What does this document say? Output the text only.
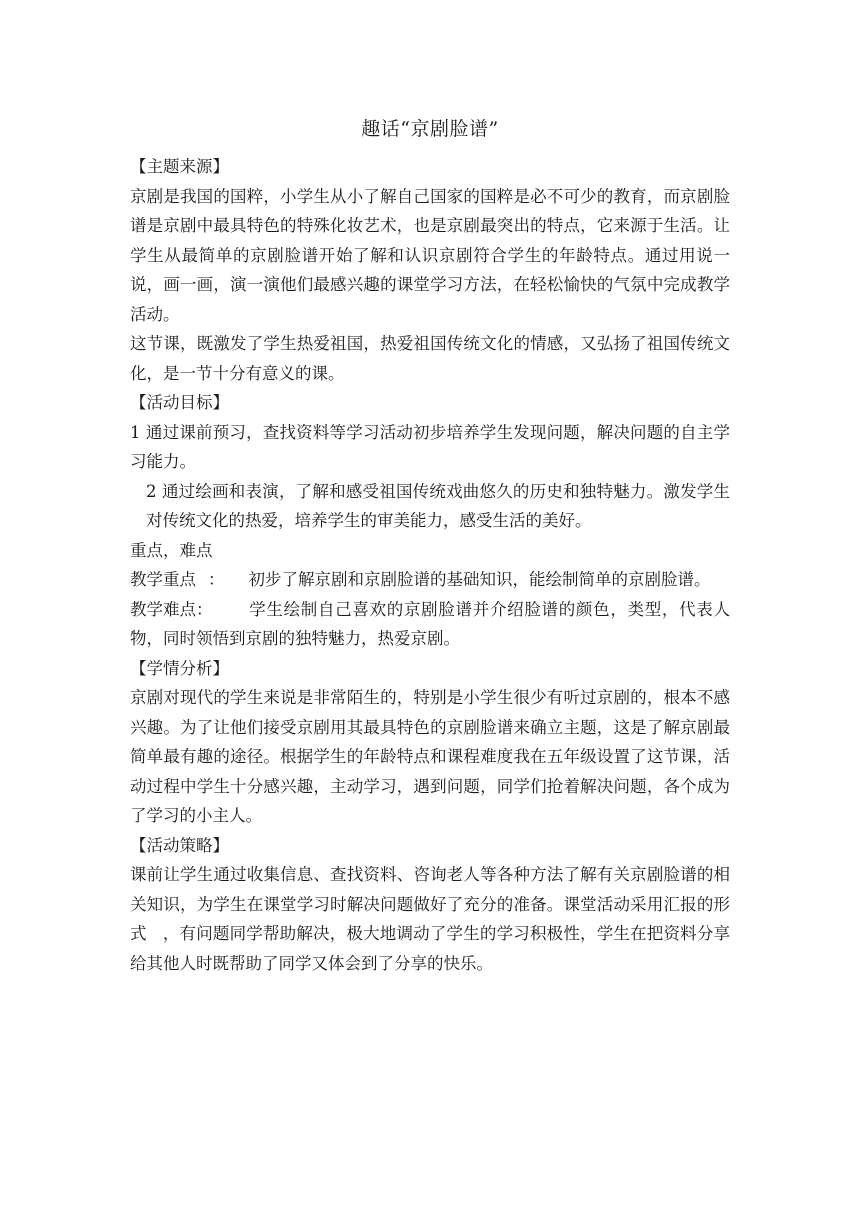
趣话“京剧脸谱”

【主题来源】

京剧是我国的国粹，小学生从小了解自己国家的国粹是必不可少的教育，而京剧脸谱是京剧中最具特色的特殊化妆艺术，也是京剧最突出的特点，它来源于生活。让学生从最简单的京剧脸谱开始了解和认识京剧符合学生的年龄特点。通过用说一说，画一画，演一演他们最感兴趣的课堂学习方法，在轻松愉快的气氛中完成教学活动。

这节课，既激发了学生热爱祖国，热爱祖国传统文化的情感，又弘扬了祖国传统文化，是一节十分有意义的课。

【活动目标】

1 通过课前预习，查找资料等学习活动初步培养学生发现问题，解决问题的自主学习能力。

2 通过绘画和表演，了解和感受祖国传统戏曲悠久的历史和独特魅力。激发学生对传统文化的热爱，培养学生的审美能力，感受生活的美好。

重点，难点

教学重点 ： 初步了解京剧和京剧脸谱的基础知识，能绘制简单的京剧脸谱。

教学难点： 学生绘制自己喜欢的京剧脸谱并介绍脸谱的颜色，类型，代表人物，同时领悟到京剧的独特魅力，热爱京剧。

【学情分析】

京剧对现代的学生来说是非常陌生的，特别是小学生很少有听过京剧的，根本不感兴趣。为了让他们接受京剧用其最具特色的京剧脸谱来确立主题，这是了解京剧最简单最有趣的途径。根据学生的年龄特点和课程难度我在五年级设置了这节课，活动过程中学生十分感兴趣，主动学习，遇到问题，同学们抢着解决问题，各个成为了学习的小主人。

【活动策略】

课前让学生通过收集信息、查找资料、咨询老人等各种方法了解有关京剧脸谱的相关知识，为学生在课堂学习时解决问题做好了充分的准备。课堂活动采用汇报的形式 ，有问题同学帮助解决，极大地调动了学生的学习积极性，学生在把资料分享给其他人时既帮助了同学又体会到了分享的快乐。
